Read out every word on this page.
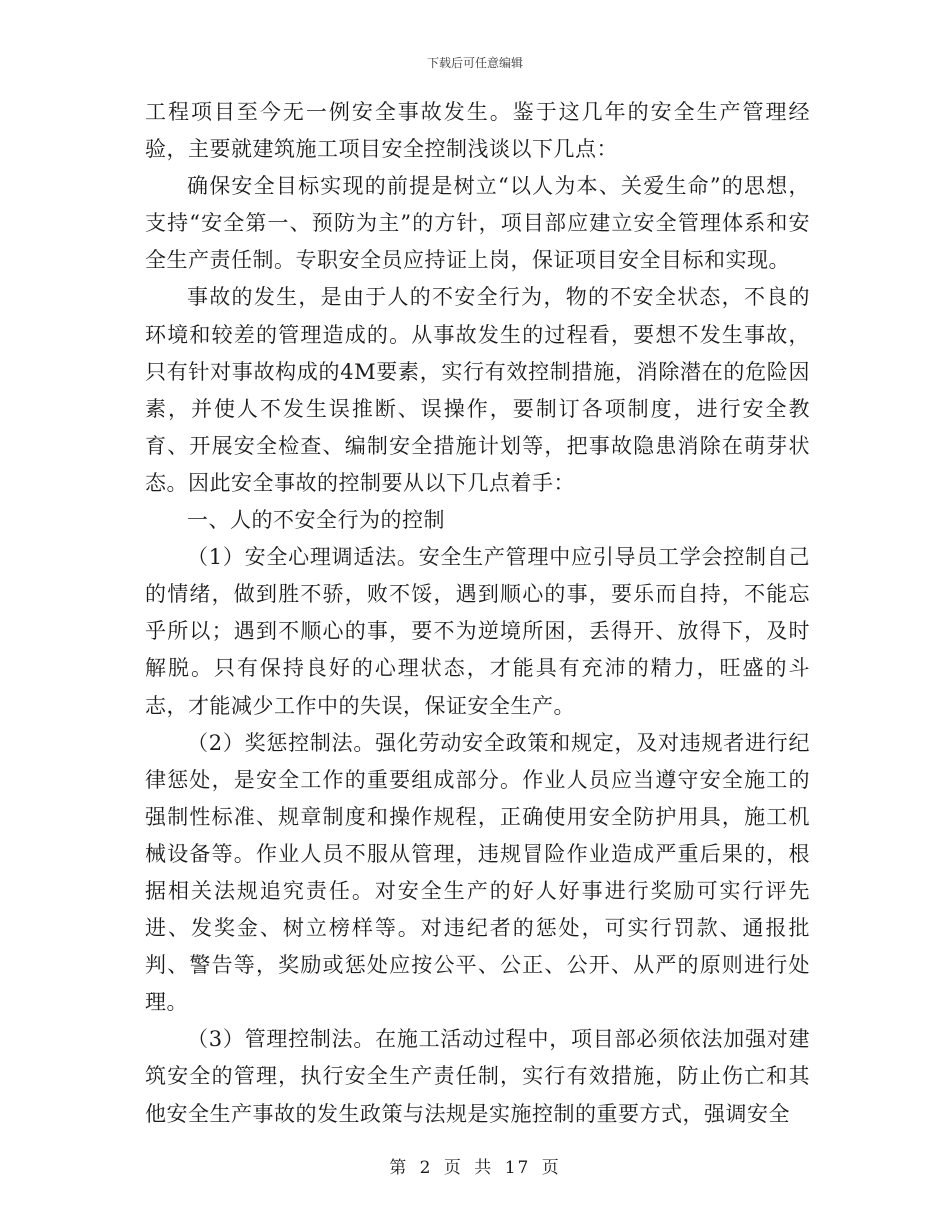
下载后可任意编辑

工程项目至今无一例安全事故发生。鉴于这几年的安全生产管理经验，主要就建筑施工项目安全控制浅谈以下几点：

确保安全目标实现的前提是树立“以人为本、关爱生命”的思想，支持“安全第一、预防为主”的方针，项目部应建立安全管理体系和安全生产责任制。专职安全员应持证上岗，保证项目安全目标和实现。

事故的发生，是由于人的不安全行为，物的不安全状态，不良的环境和较差的管理造成的。从事故发生的过程看，要想不发生事故，只有针对事故构成的4M要素，实行有效控制措施，消除潜在的危险因素，并使人不发生误推断、误操作，要制订各项制度，进行安全教育、开展安全检查、编制安全措施计划等，把事故隐患消除在萌芽状态。因此安全事故的控制要从以下几点着手：

一、人的不安全行为的控制

（1）安全心理调适法。安全生产管理中应引导员工学会控制自己的情绪，做到胜不骄，败不馁，遇到顺心的事，要乐而自持，不能忘乎所以；遇到不顺心的事，要不为逆境所困，丢得开、放得下，及时解脱。只有保持良好的心理状态，才能具有充沛的精力，旺盛的斗志，才能减少工作中的失误，保证安全生产。

（2）奖惩控制法。强化劳动安全政策和规定，及对违规者进行纪律惩处，是安全工作的重要组成部分。作业人员应当遵守安全施工的强制性标准、规章制度和操作规程，正确使用安全防护用具，施工机械设备等。作业人员不服从管理，违规冒险作业造成严重后果的，根据相关法规追究责任。对安全生产的好人好事进行奖励可实行评先进、发奖金、树立榜样等。对违纪者的惩处，可实行罚款、通报批判、警告等，奖励或惩处应按公平、公正、公开、从严的原则进行处理。

（3）管理控制法。在施工活动过程中，项目部必须依法加强对建筑安全的管理，执行安全生产责任制，实行有效措施，防止伤亡和其他安全生产事故的发生政策与法规是实施控制的重要方式，强调安全

第 2 页 共 17 页
